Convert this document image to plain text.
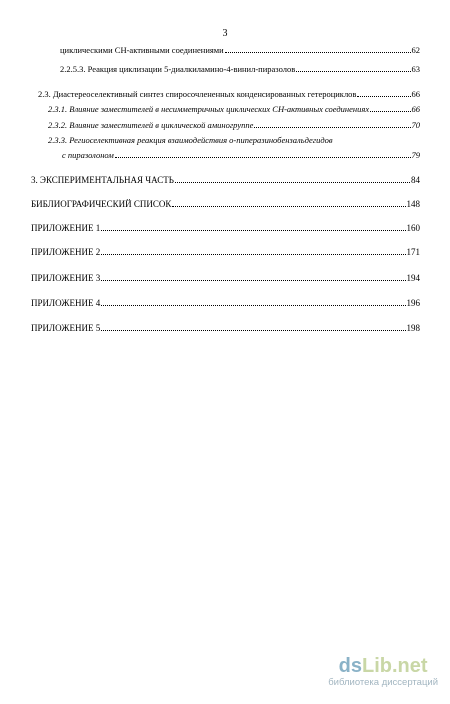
3
циклическими CH-активными соединениями	62
2.2.5.3. Реакция циклизации 5-диалкиламино-4-винил-пиразолов	63
2.3. Диастереоселективный синтез спиросочлененных конденсированных гетероциклов	66
2.3.1. Влияние заместителей в несимметричных циклических CH-активных соединениях	66
2.3.2. Влияние заместителей в циклической аминогруппе	70
2.3.3. Региоселективная реакция взаимодействия о-пиперазинобензальдегидов
с пиразолоном	79
3. ЭКСПЕРИМЕНТАЛЬНАЯ ЧАСТЬ	84
БИБЛИОГРАФИЧЕСКИЙ СПИСОК	148
ПРИЛОЖЕНИЕ 1	160
ПРИЛОЖЕНИЕ 2	171
ПРИЛОЖЕНИЕ 3	194
ПРИЛОЖЕНИЕ 4	196
ПРИЛОЖЕНИЕ 5	198
dsLib.net
библиотека диссертаций
